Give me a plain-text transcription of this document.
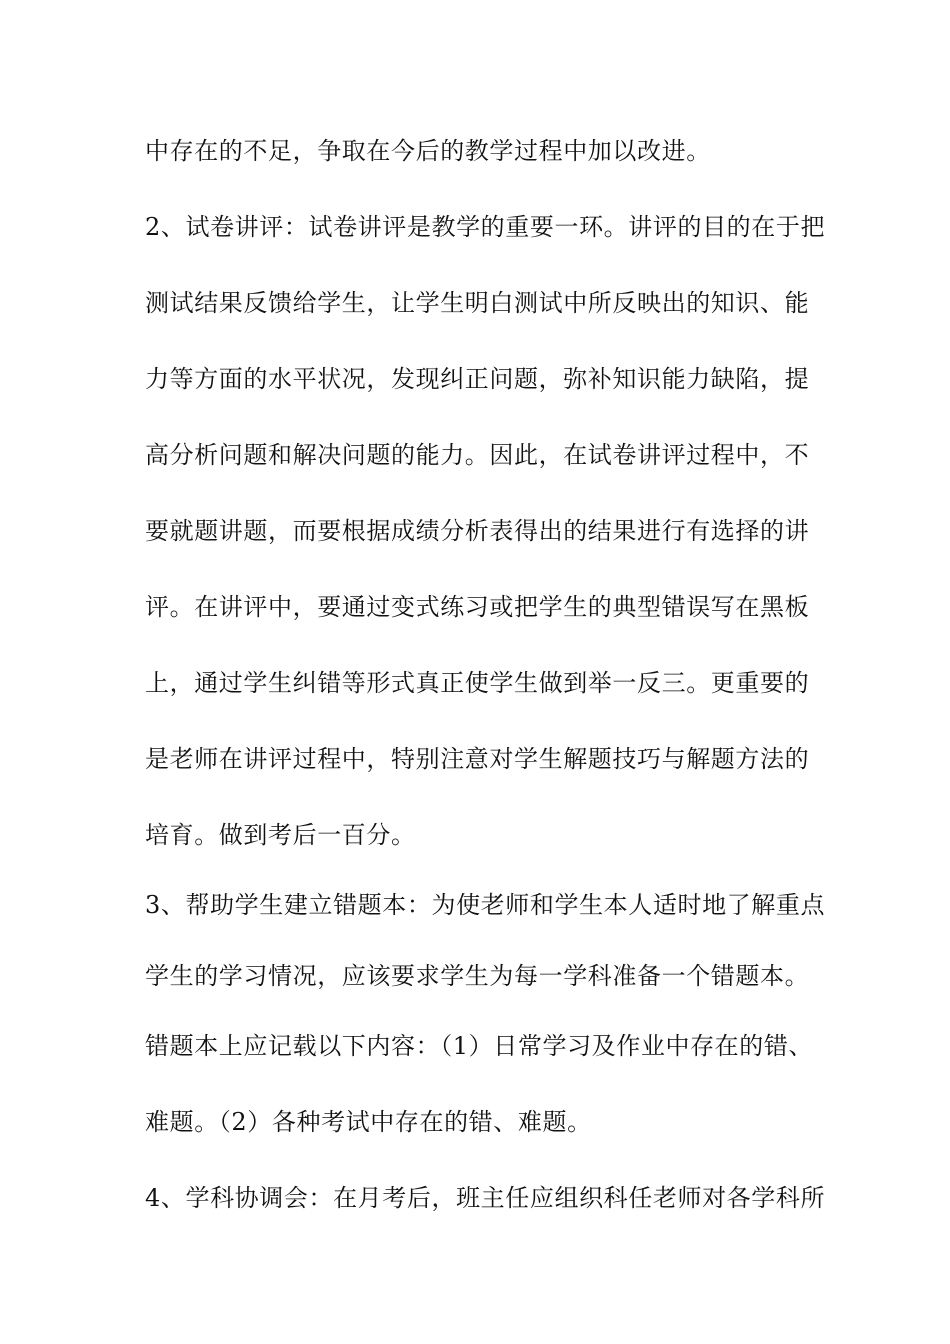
中存在的不足，争取在今后的教学过程中加以改进。
2、试卷讲评：试卷讲评是教学的重要一环。讲评的目的在于把
测试结果反馈给学生，让学生明白测试中所反映出的知识、能
力等方面的水平状况，发现纠正问题，弥补知识能力缺陷，提
高分析问题和解决问题的能力。因此，在试卷讲评过程中，不
要就题讲题，而要根据成绩分析表得出的结果进行有选择的讲
评。在讲评中，要通过变式练习或把学生的典型错误写在黑板
上，通过学生纠错等形式真正使学生做到举一反三。更重要的
是老师在讲评过程中，特别注意对学生解题技巧与解题方法的
培育。做到考后一百分。
3、帮助学生建立错题本：为使老师和学生本人适时地了解重点
学生的学习情况，应该要求学生为每一学科准备一个错题本。
错题本上应记载以下内容：（1）日常学习及作业中存在的错、
难题。（2）各种考试中存在的错、难题。
4、学科协调会：在月考后，班主任应组织科任老师对各学科所
